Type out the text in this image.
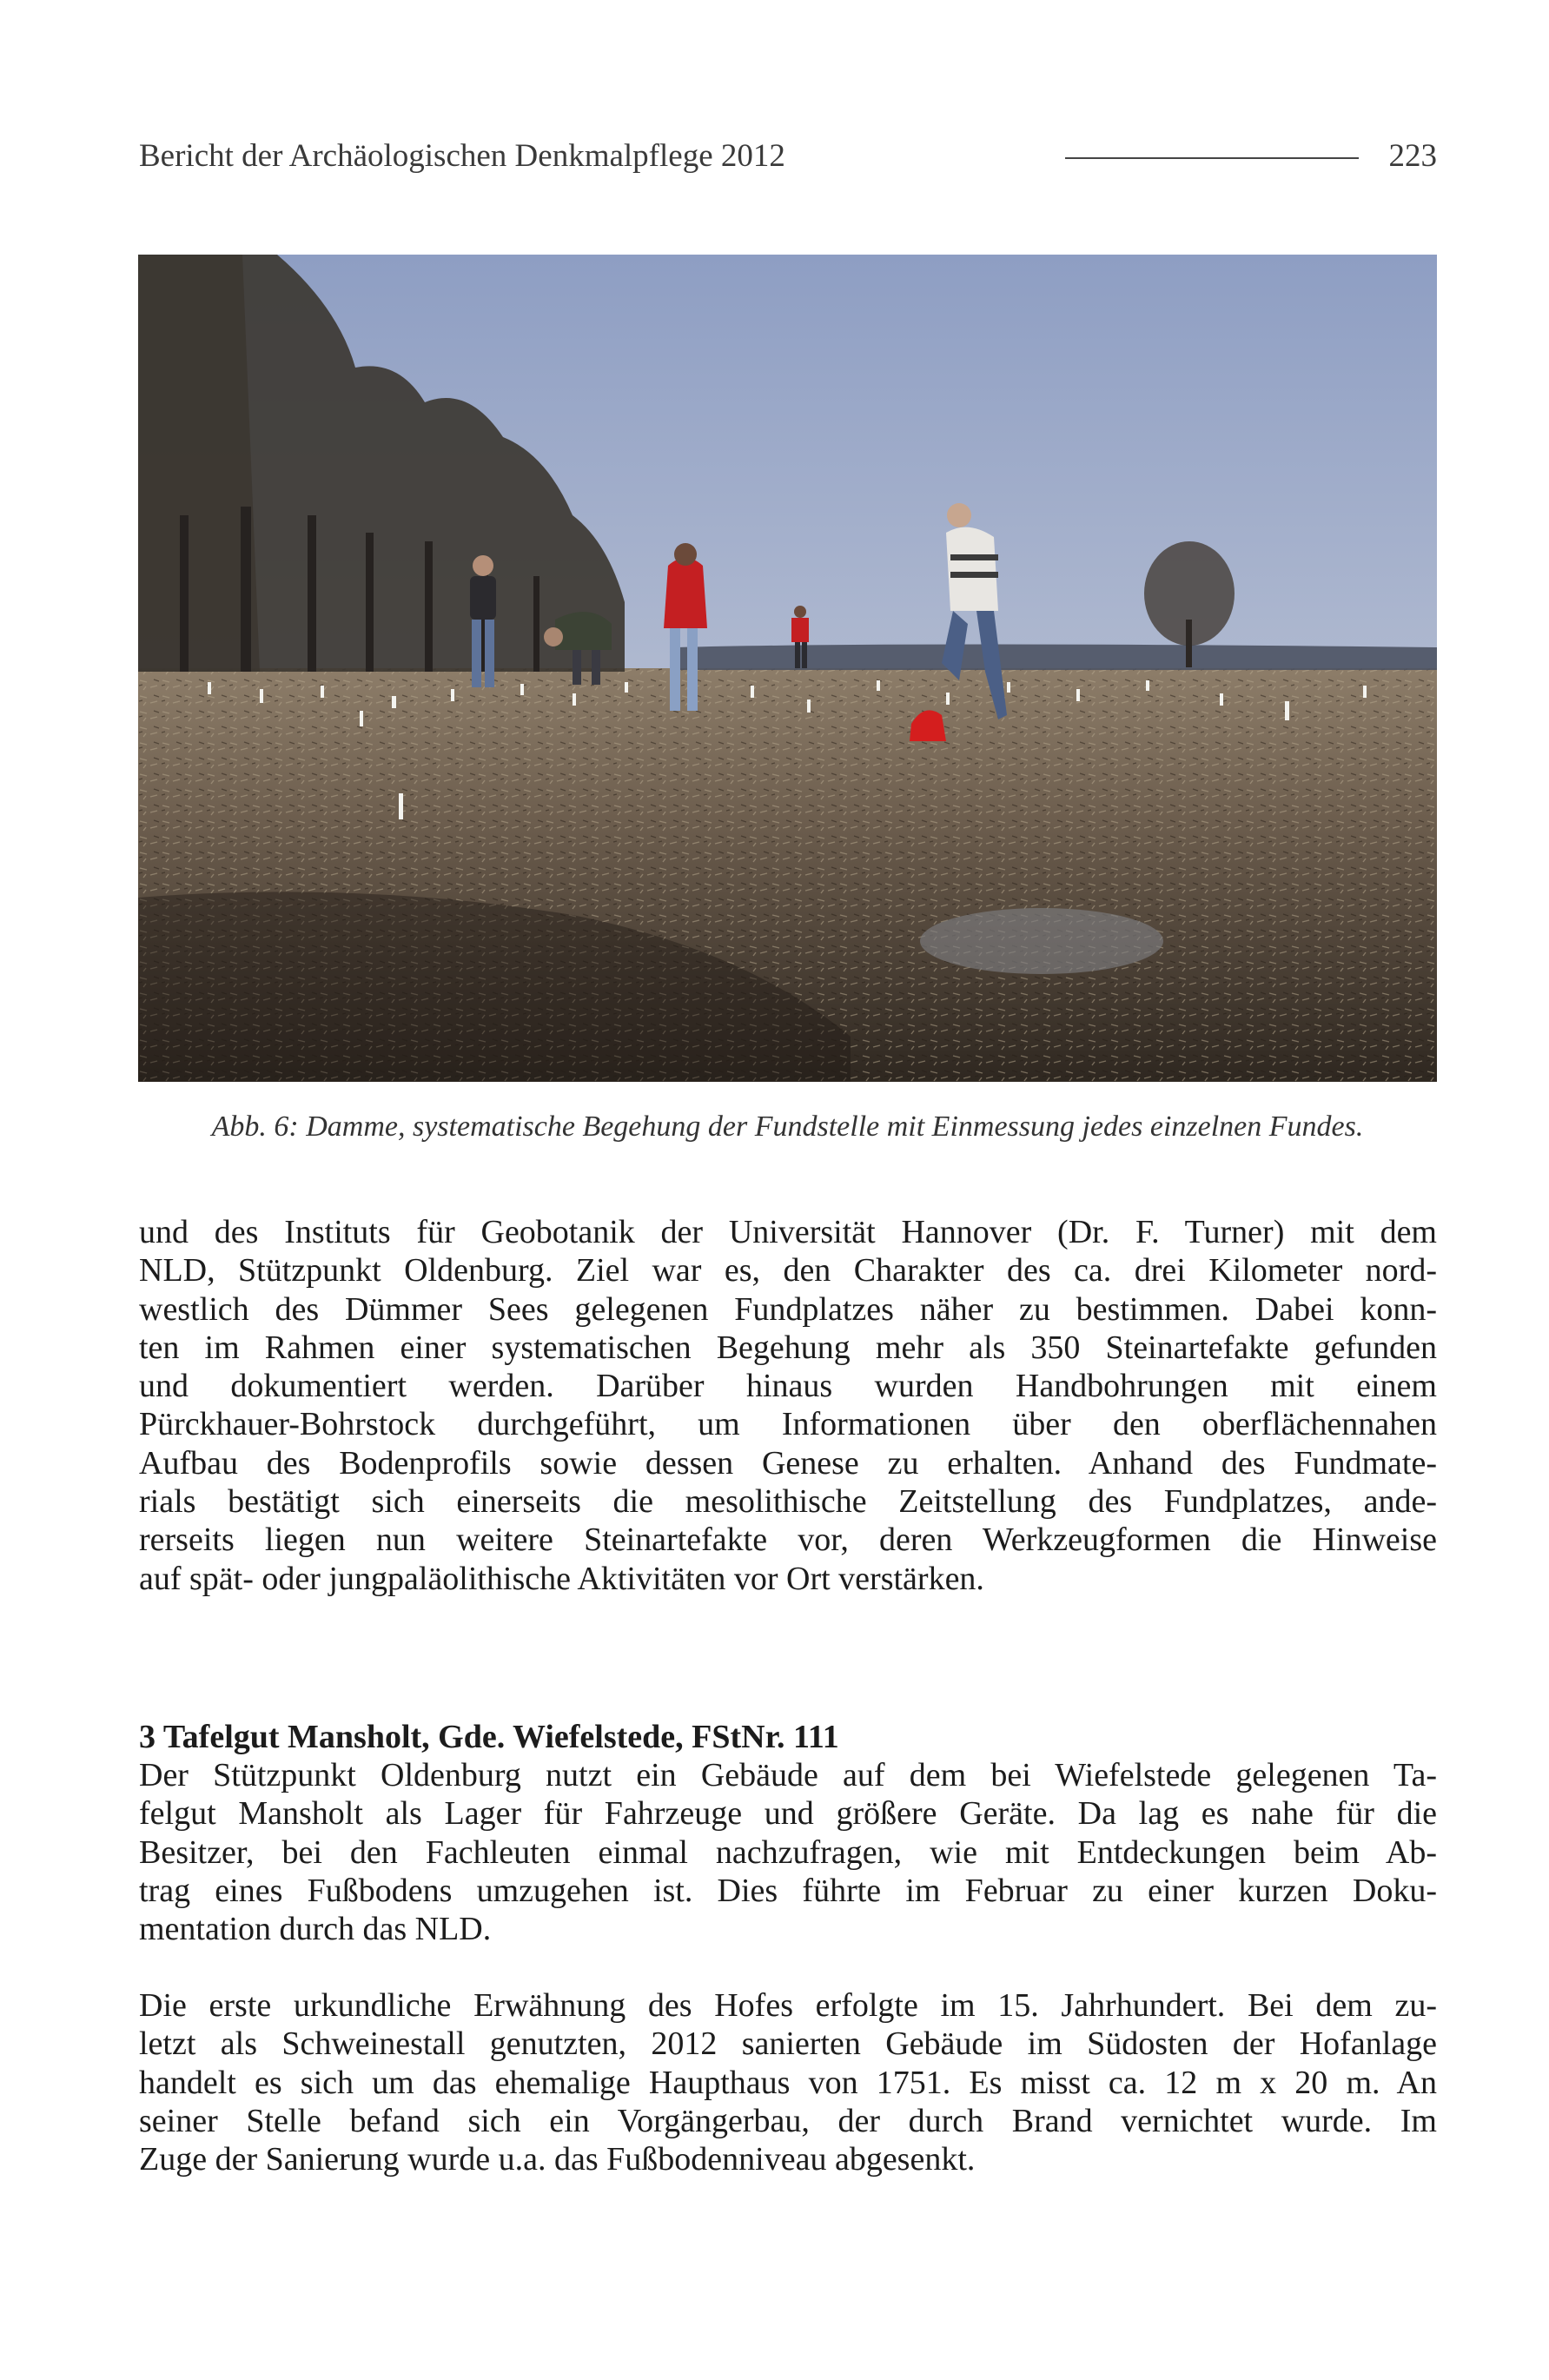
Bericht der Archäologischen Denkmalpflege 2012	223
Abb. 6: Damme, systematische Begehung der Fundstelle mit Einmessung jedes einzelnen Fundes.

und des Instituts für Geobotanik der Universität Hannover (Dr. F. Turner) mit dem
NLD, Stützpunkt Oldenburg. Ziel war es, den Charakter des ca. drei Kilometer nord-
westlich des Dümmer Sees gelegenen Fundplatzes näher zu bestimmen. Dabei konn-
ten im Rahmen einer systematischen Begehung mehr als 350 Steinartefakte gefunden
und dokumentiert werden. Darüber hinaus wurden Handbohrungen mit einem
Pürckhauer-Bohrstock durchgeführt, um Informationen über den oberflächennahen
Aufbau des Bodenprofils sowie dessen Genese zu erhalten. Anhand des Fundmate-
rials bestätigt sich einerseits die mesolithische Zeitstellung des Fundplatzes, ande-
rerseits liegen nun weitere Steinartefakte vor, deren Werkzeugformen die Hinweise
auf spät- oder jungpaläolithische Aktivitäten vor Ort verstärken.

3 Tafelgut Mansholt, Gde. Wiefelstede, FStNr. 111

Der Stützpunkt Oldenburg nutzt ein Gebäude auf dem bei Wiefelstede gelegenen Ta-
felgut Mansholt als Lager für Fahrzeuge und größere Geräte. Da lag es nahe für die
Besitzer, bei den Fachleuten einmal nachzufragen, wie mit Entdeckungen beim Ab-
trag eines Fußbodens umzugehen ist. Dies führte im Februar zu einer kurzen Doku-
mentation durch das NLD.

Die erste urkundliche Erwähnung des Hofes erfolgte im 15. Jahrhundert. Bei dem zu-
letzt als Schweinestall genutzten, 2012 sanierten Gebäude im Südosten der Hofanlage
handelt es sich um das ehemalige Haupthaus von 1751. Es misst ca. 12 m x 20 m. An
seiner Stelle befand sich ein Vorgängerbau, der durch Brand vernichtet wurde. Im
Zuge der Sanierung wurde u.a. das Fußbodenniveau abgesenkt.
